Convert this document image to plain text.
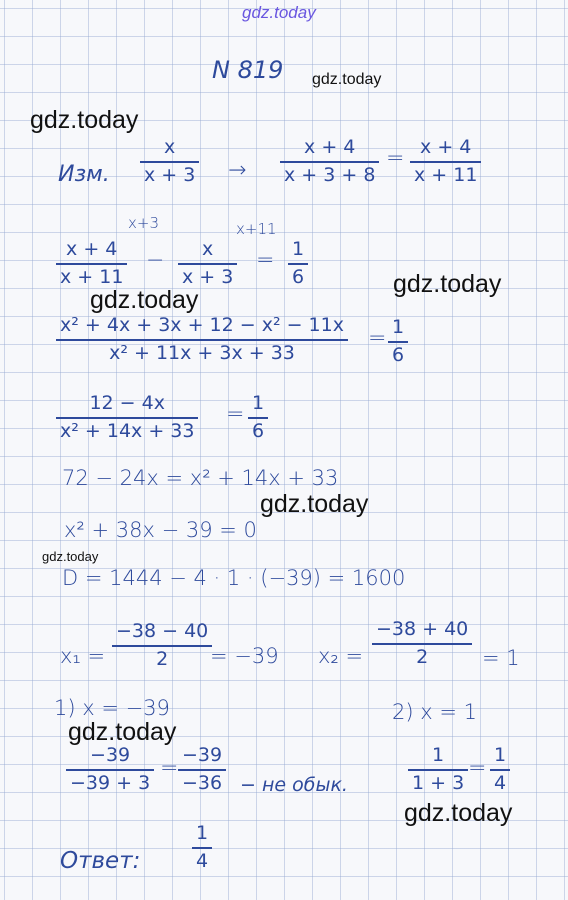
gdz.today
gdz.today
gdz.today
gdz.today
gdz.today
gdz.today
gdz.today
gdz.today
gdz.today
N 819
Изм.
x
x + 3 →
x + 4
x + 3 + 8
= x + 4
x + 11
x+3	x+11
x + 4
x + 11
− x
x + 3
= 1
6
x² + 4x + 3x + 12 − x² − 11x
x² + 11x + 3x + 33
= 1
6
12 − 4x
x² + 14x + 33
= 1
6
72 − 24x = x² + 14x + 33
x² + 38x − 39 = 0
D = 1444 − 4 · 1 · (−39) = 1600
x₁ =
−38 − 40
2 = −39 x₂ =
−38 + 40
2	= 1
1) x = −39
−39
−39 + 3
=
−39
−36 − не обык.
2) x = 1
1
1 + 3
=
1
4
Ответ:
1
4
